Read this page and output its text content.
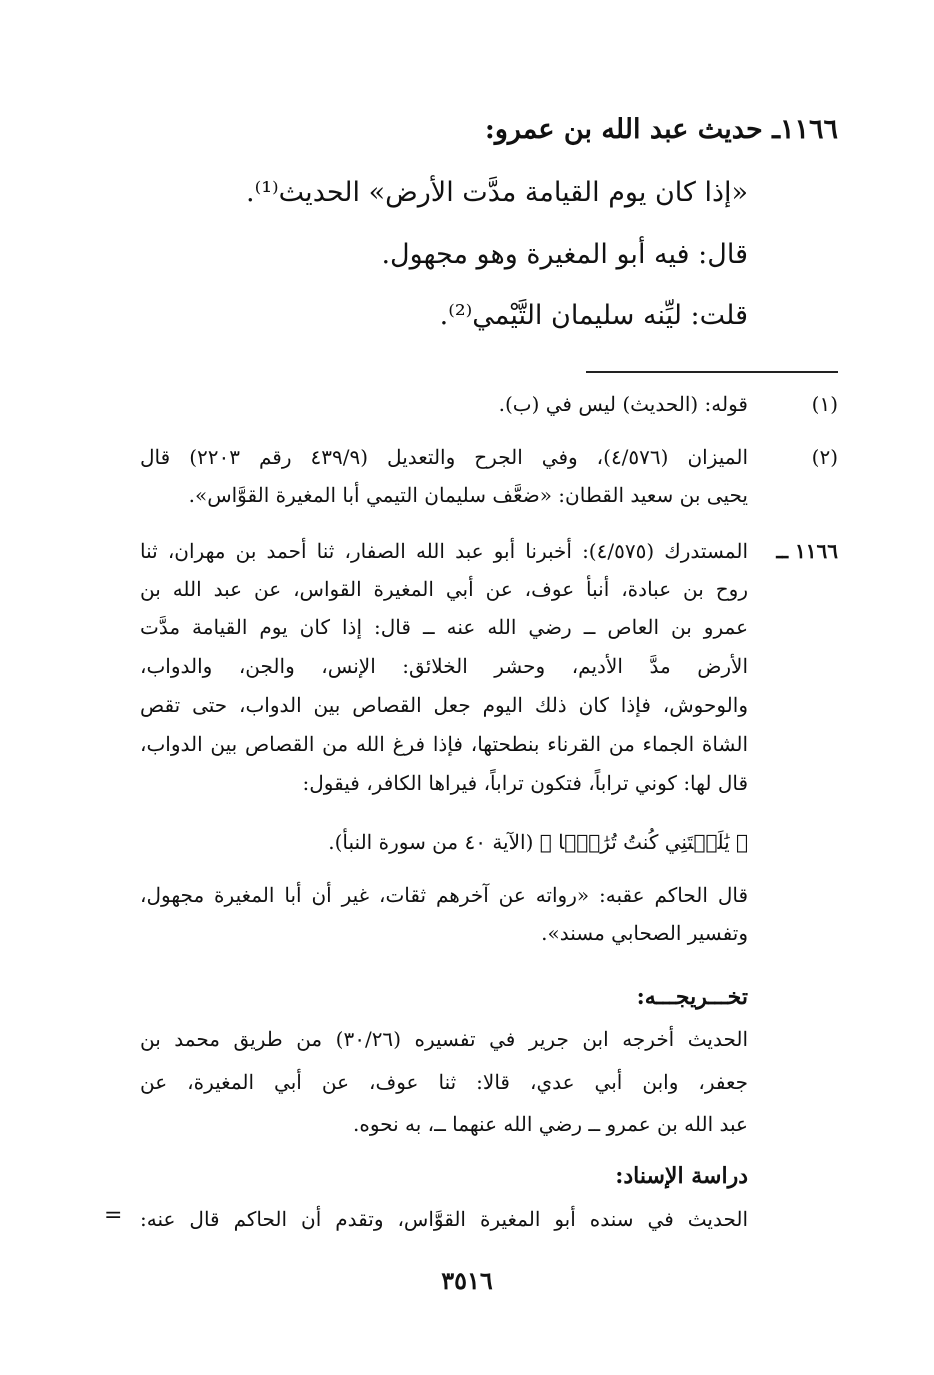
١١٦٦ـ حديث عبد الله بن عمرو:
«إذا كان يوم القيامة مدَّت الأرض» الحديث⁽¹⁾.
قال: فيه أبو المغيرة وهو مجهول.
قلت: ليِّنه سليمان التَّيْمي⁽²⁾.
(١)
قوله: (الحديث) ليس في (ب).
(٢)
الميزان (٤/٥٧٦)، وفي الجرح والتعديل (٤٣٩/٩ رقم ٢٢٠٣) قال
يحيى بن سعيد القطان: «ضعَّف سليمان التيمي أبا المغيرة القوَّاس».
١١٦٦ ــ
المستدرك (٤/٥٧٥): أخبرنا أبو عبد الله الصفار، ثنا أحمد بن مهران، ثنا
روح بن عبادة، أنبأ عوف، عن أبي المغيرة القواس، عن عبد الله بن
عمرو بن العاص ــ رضي الله عنه ــ قال: إذا كان يوم القيامة مدَّت
الأرض مدَّ الأديم، وحشر الخلائق: الإنس، والجن، والدواب،
والوحوش، فإذا كان ذلك اليوم جعل القصاص بين الدواب، حتى تقص
الشاة الجماء من القرناء بنطحتها، فإذا فرغ الله من القصاص بين الدواب،
قال لها: كوني تراباً، فتكون تراباً، فيراها الكافر، فيقول:
﴿ يَٰلَيۡتَنِي كُنتُ تُرَٰبَۢا ﴾ (الآية ٤٠ من سورة النبأ).
قال الحاكم عقبه: «رواته عن آخرهم ثقات، غير أن أبا المغيرة مجهول،
وتفسير الصحابي مسند».
تخـــريجـــه:
الحديث أخرجه ابن جرير في تفسيره (٣٠/٢٦) من طريق محمد بن
جعفر، وابن أبي عدي، قالا: ثنا عوف، عن أبي المغيرة، عن
عبد الله بن عمرو ــ رضي الله عنهما ــ، به نحوه.
دراسة الإسناد:
الحديث في سنده أبو المغيرة القوَّاس، وتقدم أن الحاكم قال عنه:
=
٣٥١٦
